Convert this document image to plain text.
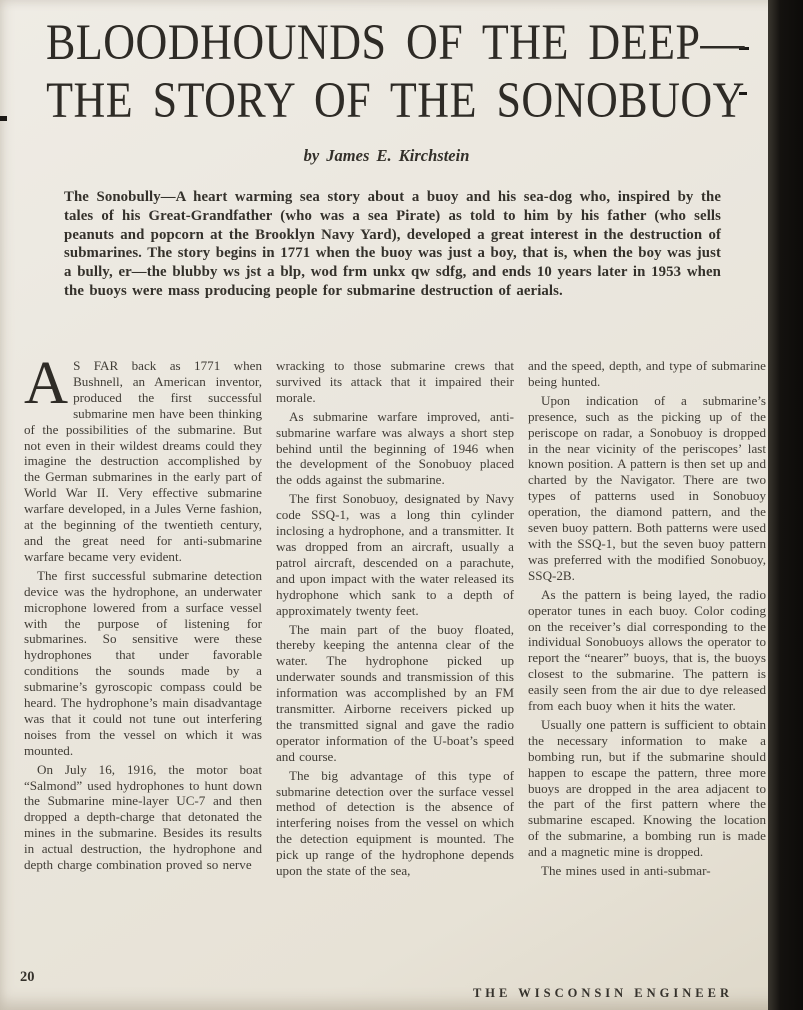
BLOODHOUNDS OF THE DEEP—
THE STORY OF THE SONOBUOY
by James E. Kirchstein
The Sonobully—A heart warming sea story about a buoy and his sea-dog who, inspired by the tales of his Great-Grandfather (who was a sea Pirate) as told to him by his father (who sells peanuts and popcorn at the Brooklyn Navy Yard), developed a great interest in the destruction of submarines. The story begins in 1771 when the buoy was just a boy, that is, when the boy was just a bully, er—the blubby ws jst a blp, wod frm unkx qw sdfg, and ends 10 years later in 1953 when the buoys were mass producing people for submarine destruction of aerials.

A S FAR back as 1771 when Bushnell, an American inventor, produced the first successful submarine men have been thinking of the possibilities of the submarine. But not even in their wildest dreams could they imagine the destruction accomplished by the German submarines in the early part of World War II. Very effective submarine warfare developed, in a Jules Verne fashion, at the beginning of the twentieth century, and the great need for anti-submarine warfare became very evident.

The first successful submarine detection device was the hydrophone, an underwater microphone lowered from a surface vessel with the purpose of listening for submarines. So sensitive were these hydrophones that under favorable conditions the sounds made by a submarine’s gyroscopic compass could be heard. The hydrophone’s main disadvantage was that it could not tune out interfering noises from the vessel on which it was mounted.

On July 16, 1916, the motor boat “Salmond” used hydrophones to hunt down the Submarine mine-layer UC-7 and then dropped a depth-charge that detonated the mines in the submarine. Besides its results in actual destruction, the hydrophone and depth charge combination proved so nerve

wracking to those submarine crews that survived its attack that it impaired their morale.

As submarine warfare improved, anti-submarine warfare was always a short step behind until the beginning of 1946 when the development of the Sonobuoy placed the odds against the submarine.

The first Sonobuoy, designated by Navy code SSQ-1, was a long thin cylinder inclosing a hydrophone, and a transmitter. It was dropped from an aircraft, usually a patrol aircraft, descended on a parachute, and upon impact with the water released its hydrophone which sank to a depth of approximately twenty feet.

The main part of the buoy floated, thereby keeping the antenna clear of the water. The hydrophone picked up underwater sounds and transmission of this information was accomplished by an FM transmitter. Airborne receivers picked up the transmitted signal and gave the radio operator information of the U-boat’s speed and course.

The big advantage of this type of submarine detection over the surface vessel method of detection is the absence of interfering noises from the vessel on which the detection equipment is mounted. The pick up range of the hydrophone depends upon the state of the sea,

and the speed, depth, and type of submarine being hunted.

Upon indication of a submarine’s presence, such as the picking up of the periscope on radar, a Sonobuoy is dropped in the near vicinity of the periscopes’ last known position. A pattern is then set up and charted by the Navigator. There are two types of patterns used in Sonobuoy operation, the diamond pattern, and the seven buoy pattern. Both patterns were used with the SSQ-1, but the seven buoy pattern was preferred with the modified Sonobuoy, SSQ-2B.

As the pattern is being layed, the radio operator tunes in each buoy. Color coding on the receiver’s dial corresponding to the individual Sonobuoys allows the operator to report the “nearer” buoys, that is, the buoys closest to the submarine. The pattern is easily seen from the air due to dye released from each buoy when it hits the water.

Usually one pattern is sufficient to obtain the necessary information to make a bombing run, but if the submarine should happen to escape the pattern, three more buoys are dropped in the area adjacent to the part of the first pattern where the submarine escaped. Knowing the location of the submarine, a bombing run is made and a magnetic mine is dropped.

The mines used in anti-submar-

20
THE WISCONSIN ENGINEER
